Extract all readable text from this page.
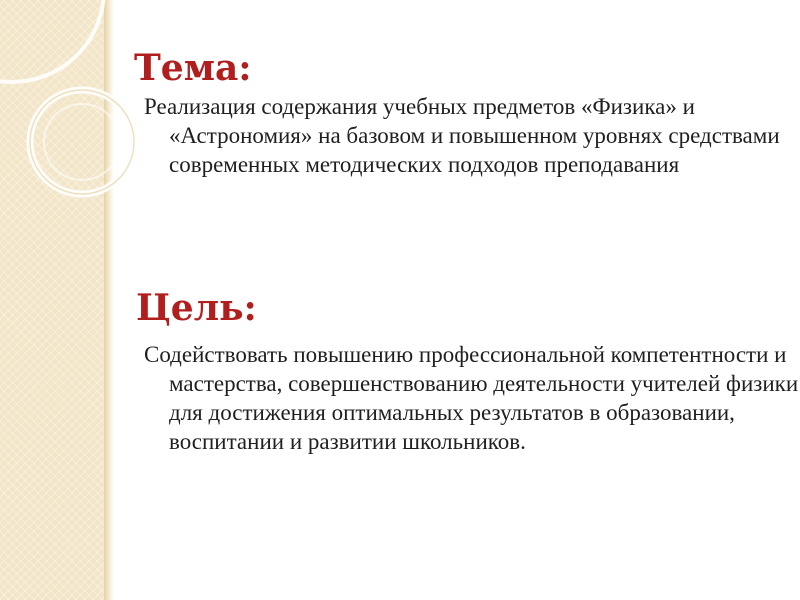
Тема:

Реализация содержания учебных предметов «Физика» и «Астрономия» на базовом и повышенном уровнях средствами современных методических подходов преподавания

Цель:

Содействовать повышению профессиональной компетентности и мастерства, совершенствованию деятельности учителей физики для достижения оптимальных результатов в образовании, воспитании и развитии школьников.
